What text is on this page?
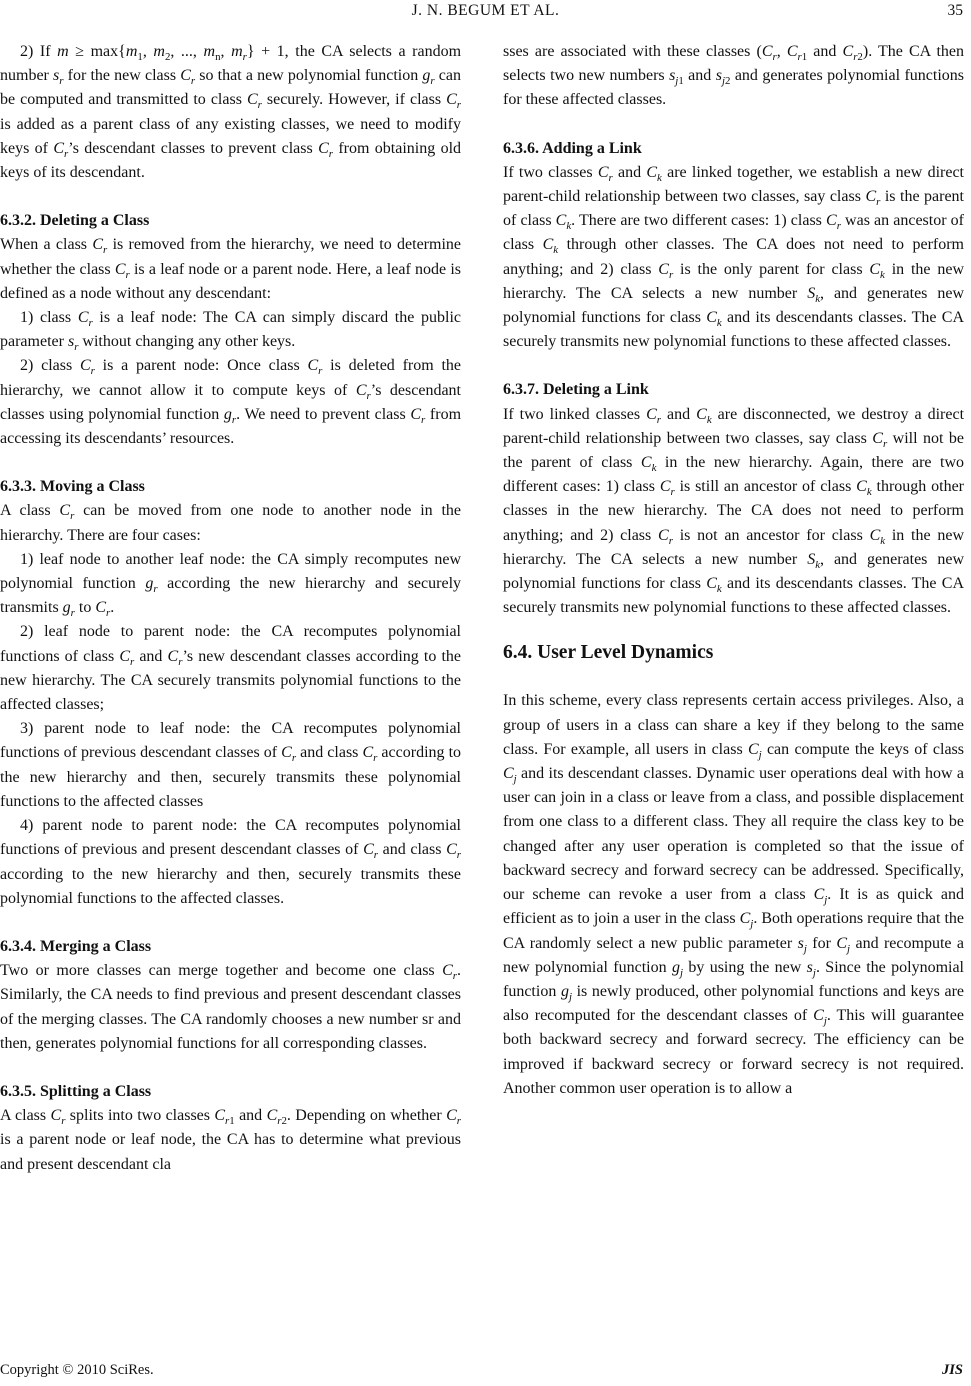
J. N. BEGUM ET AL.	35

2) If $m \ge \max\{m_1$, $m_2$, ..., $m_n$, $m_r\} + 1$, the CA selects a random number $s_r$ for the new class $C_r$ so that a new polynomial function $g_r$ can be computed and transmitted to class $C_r$ securely. However, if class $C_r$ is added as a parent class of any existing classes, we need to modify keys of $C_r’s$ descendant classes to prevent class $C_r$ from obtaining old keys of its descendant.

6.3.2. Deleting a Class

When a class $C_r$ is removed from the hierarchy, we need to determine whether the class $C_r$ is a leaf node or a parent node. Here, a leaf node is defined as a node without any descendant:

1) class $C_r$ is a leaf node: The CA can simply discard the public parameter $s_r$ without changing any other keys.

2) class $C_r$ is a parent node: Once class $C_r$ is deleted from the hierarchy, we cannot allow it to compute keys of $C_r’s$ descendant classes using polynomial function $g_r$. We need to prevent class $C_r$ from accessing its descendants’ resources.

6.3.3. Moving a Class

A class $C_r$ can be moved from one node to another node in the hierarchy. There are four cases:

1) leaf node to another leaf node: the CA simply recomputes new polynomial function $g_r$ according the new hierarchy and securely transmits $g_r$ to $C_r$.

2) leaf node to parent node: the CA recomputes polynomial functions of class $C_r$ and $C_r’s$ new descendant classes according to the new hierarchy. The CA securely transmits polynomial functions to the affected classes;

3) parent node to leaf node: the CA recomputes polynomial functions of previous descendant classes of $C_r$ and class $C_r$ according to the new hierarchy and then, securely transmits these polynomial functions to the affected classes

4) parent node to parent node: the CA recomputes polynomial functions of previous and present descendant classes of $C_r$ and class $C_r$ according to the new hierarchy and then, securely transmits these polynomial functions to the affected classes.

6.3.4. Merging a Class

Two or more classes can merge together and become one class $C_r$. Similarly, the CA needs to find previous and present descendant classes of the merging classes. The CA randomly chooses a new number sr and then, generates polynomial functions for all corresponding classes.

6.3.5. Splitting a Class

A class $C_r$ splits into two classes $C_{r1}$ and $C_{r2}$. Depending on whether $C_r$ is a parent node or leaf node, the CA has to determine what previous and present descendant cla

sses are associated with these classes ($C_r$, $C_{r1}$ and $C_{r2}$). The CA then selects two new numbers $s_{j1}$ and $s_{j2}$ and generates polynomial functions for these affected classes.

6.3.6. Adding a Link

If two classes $C_r$ and $C_k$ are linked together, we establish a new direct parent-child relationship between two classes, say class $C_r$ is the parent of class $C_k$. There are two different cases: 1) class $C_r$ was an ancestor of class $C_k$ through other classes. The CA does not need to perform anything; and 2) class $C_r$ is the only parent for class $C_k$ in the new hierarchy. The CA selects a new number $S_k$, and generates new polynomial functions for class $C_k$ and its descendants classes. The CA securely transmits new polynomial functions to these affected classes.

6.3.7. Deleting a Link

If two linked classes $C_r$ and $C_k$ are disconnected, we destroy a direct parent-child relationship between two classes, say class $C_r$ will not be the parent of class $C_k$ in the new hierarchy. Again, there are two different cases: 1) class $C_r$ is still an ancestor of class $C_k$ through other classes in the new hierarchy. The CA does not need to perform anything; and 2) class $C_r$ is not an ancestor for class $C_k$ in the new hierarchy. The CA selects a new number $S_k$, and generates new polynomial functions for class $C_k$ and its descendants classes. The CA securely transmits new polynomial functions to these affected classes.

6.4. User Level Dynamics

In this scheme, every class represents certain access privileges. Also, a group of users in a class can share a key if they belong to the same class. For example, all users in class $C_j$ can compute the keys of class $C_j$ and its descendant classes. Dynamic user operations deal with how a user can join in a class or leave from a class, and possible displacement from one class to a different class. They all require the class key to be changed after any user operation is completed so that the issue of backward secrecy and forward secrecy can be addressed. Specifically, our scheme can revoke a user from a class $C_j$. It is as quick and efficient as to join a user in the class $C_j$. Both operations require that the CA randomly select a new public parameter $s_j$ for $C_j$ and recompute a new polynomial function $g_j$ by using the new $s_j$. Since the polynomial function $g_j$ is newly produced, other polynomial functions and keys are also recomputed for the descendant classes of $C_j$. This will guarantee both backward secrecy and forward secrecy. The efficiency can be improved if backward secrecy or forward secrecy is not required. Another common user operation is to allow a

Copyright © 2010 SciRes.	JIS
